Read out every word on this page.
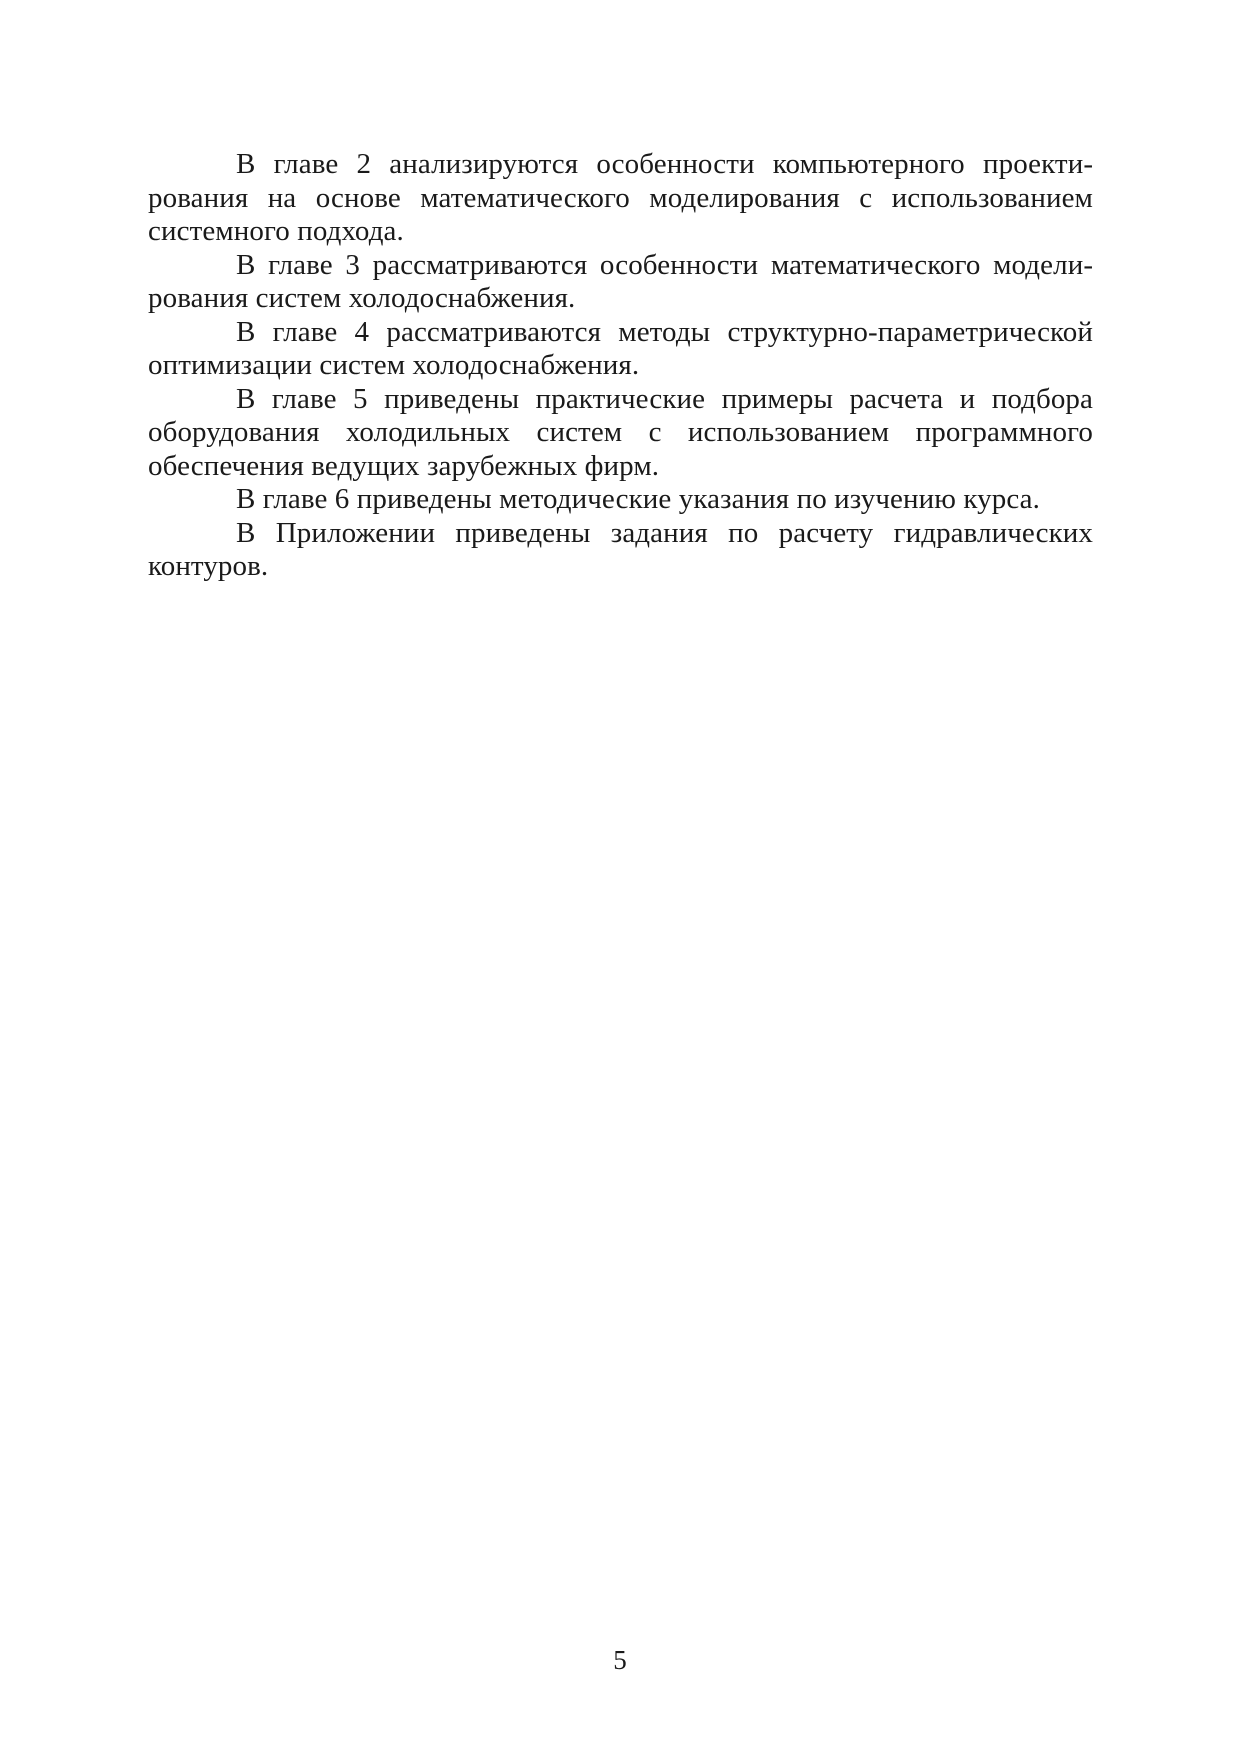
В главе 2 анализируются особенности компьютерного проектирования на основе математического моделирования с использованием системного подхода.

В главе 3 рассматриваются особенности математического моделирования систем холодоснабжения.

В главе 4 рассматриваются методы структурно-параметрической оптимизации систем холодоснабжения.

В главе 5 приведены практические примеры расчета и подбора оборудования холодильных систем с использованием программного обеспечения ведущих зарубежных фирм.

В главе 6 приведены методические указания по изучению курса.

В Приложении приведены задания по расчету гидравлических контуров.

5
